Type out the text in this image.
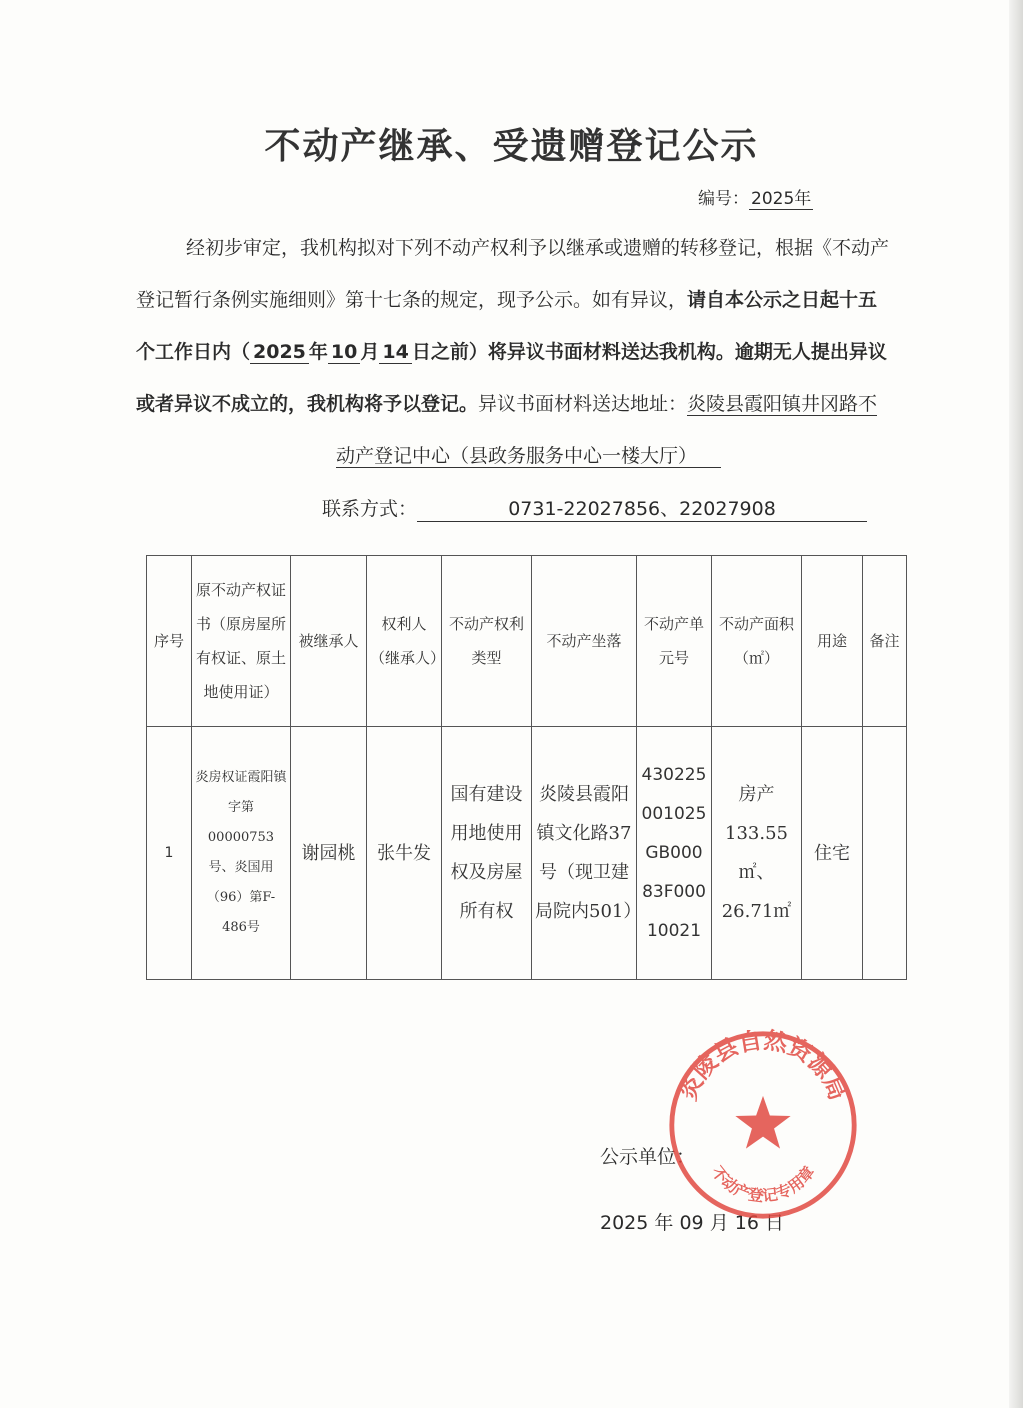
不动产继承、受遗赠登记公示
编号： 2025年
经初步审定，我机构拟对下列不动产权利予以继承或遗赠的转移登记，根据《不动产
登记暂行条例实施细则》第十七条的规定，现予公示。如有异议，请自本公示之日起十五
个工作日内（ 2025 年 10 月 14 日之前）将异议书面材料送达我机构。逾期无人提出异议
或者异议不成立的，我机构将予以登记。异议书面材料送达地址：炎陵县霞阳镇井冈路不
动产登记中心（县政务服务中心一楼大厅）
联系方式：	0731-22027856、22027908
序号	原不动产权证书（原房屋所有权证、原土地使用证）	被继承人	权利人（继承人）	不动产权利类型	不动产坐落	不动产单元号	不动产面积（㎡）	用途	备注
1	炎房权证霞阳镇字第00000753号、炎国用（96）第F-486号	谢园桃	张牛发	国有建设用地使用权及房屋所有权	炎陵县霞阳镇文化路37号（现卫建局院内501）	430225001025GB00083F00010021	房产133.55㎡、26.71㎡	住宅	
公示单位：
2025 年 09 月 16 日
炎陵县自然资源局
不动产登记专用章
